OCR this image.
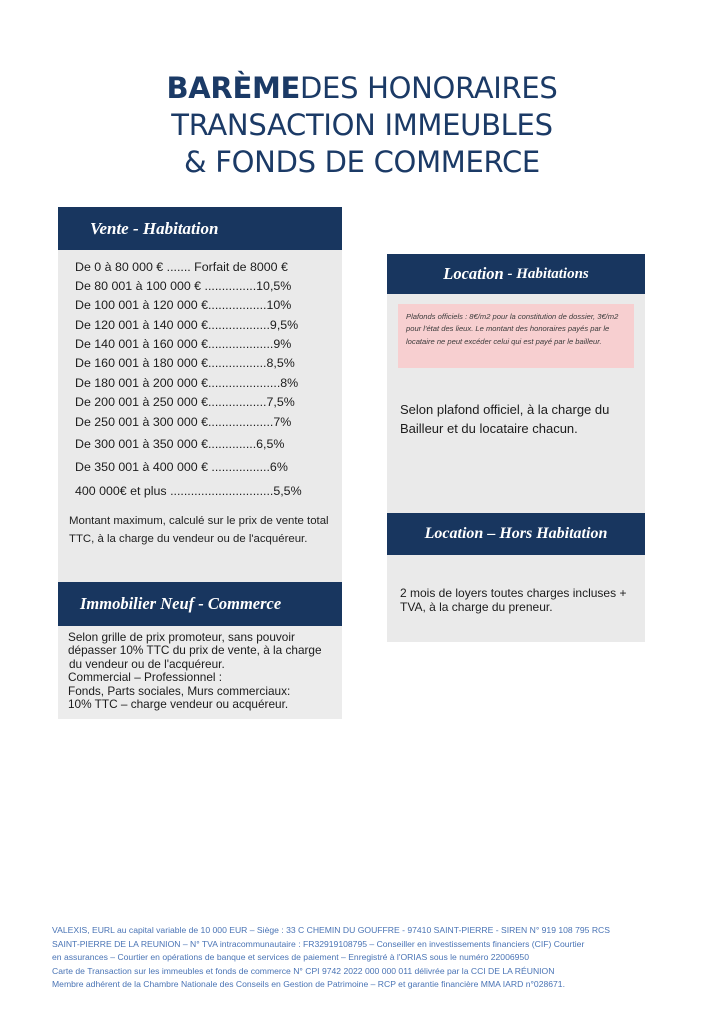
BARÈMEDES HONORAIRES
TRANSACTION IMMEUBLES
& FONDS DE COMMERCE
Vente - Habitation
De 0 à 80 000 € ....... Forfait de 8000 €
De 80 001 à 100 000 € ...............10,5%
De 100 001 à 120 000 €.................10%
De 120 001 à 140 000 €..................9,5%
De 140 001 à 160 000 €...................9%
De 160 001 à 180 000 €.................8,5%
De 180 001 à 200 000 €.....................8%
De 200 001 à 250 000 €.................7,5%
De 250 001 à 300 000 €...................7%
De 300 001 à 350 000 €..............6,5%
De 350 001 à 400 000 € .................6%
400 000€ et plus ..............................5,5%
Montant maximum, calculé sur le prix de vente total TTC, à la charge du vendeur ou de l'acquéreur.
Immobilier Neuf - Commerce
Selon grille de prix promoteur, sans pouvoir
dépasser 10% TTC du prix de vente, à la charge
du vendeur ou de l'acquéreur.
Commercial – Professionnel :
Fonds, Parts sociales, Murs commerciaux:
10% TTC – charge vendeur ou acquéreur.
Location - Habitations

Plafonds officiels : 8€/m2 pour la constitution de dossier, 3€/m2 pour l'état des lieux. Le montant des honoraires payés par le locataire ne peut excéder celui qui est payé par le bailleur.

Selon plafond officiel, à la charge du Bailleur et du locataire chacun.
Location – Hors Habitation
2 mois de loyers toutes charges incluses + TVA, à la charge du preneur.
VALEXIS, EURL au capital variable de 10 000 EUR – Siège : 33 C CHEMIN DU GOUFFRE - 97410 SAINT-PIERRE - SIREN N° 919 108 795 RCS
SAINT-PIERRE DE LA REUNION – N° TVA intracommunautaire : FR32919108795 – Conseiller en investissements financiers (CIF) Courtier
en assurances – Courtier en opérations de banque et services de paiement – Enregistré à l'ORIAS sous le numéro 22006950
Carte de Transaction sur les immeubles et fonds de commerce N° CPI 9742 2022 000 000 011 délivrée par la CCI DE LA RÉUNION
Membre adhérent de la Chambre Nationale des Conseils en Gestion de Patrimoine – RCP et garantie financière MMA IARD n°028671.
